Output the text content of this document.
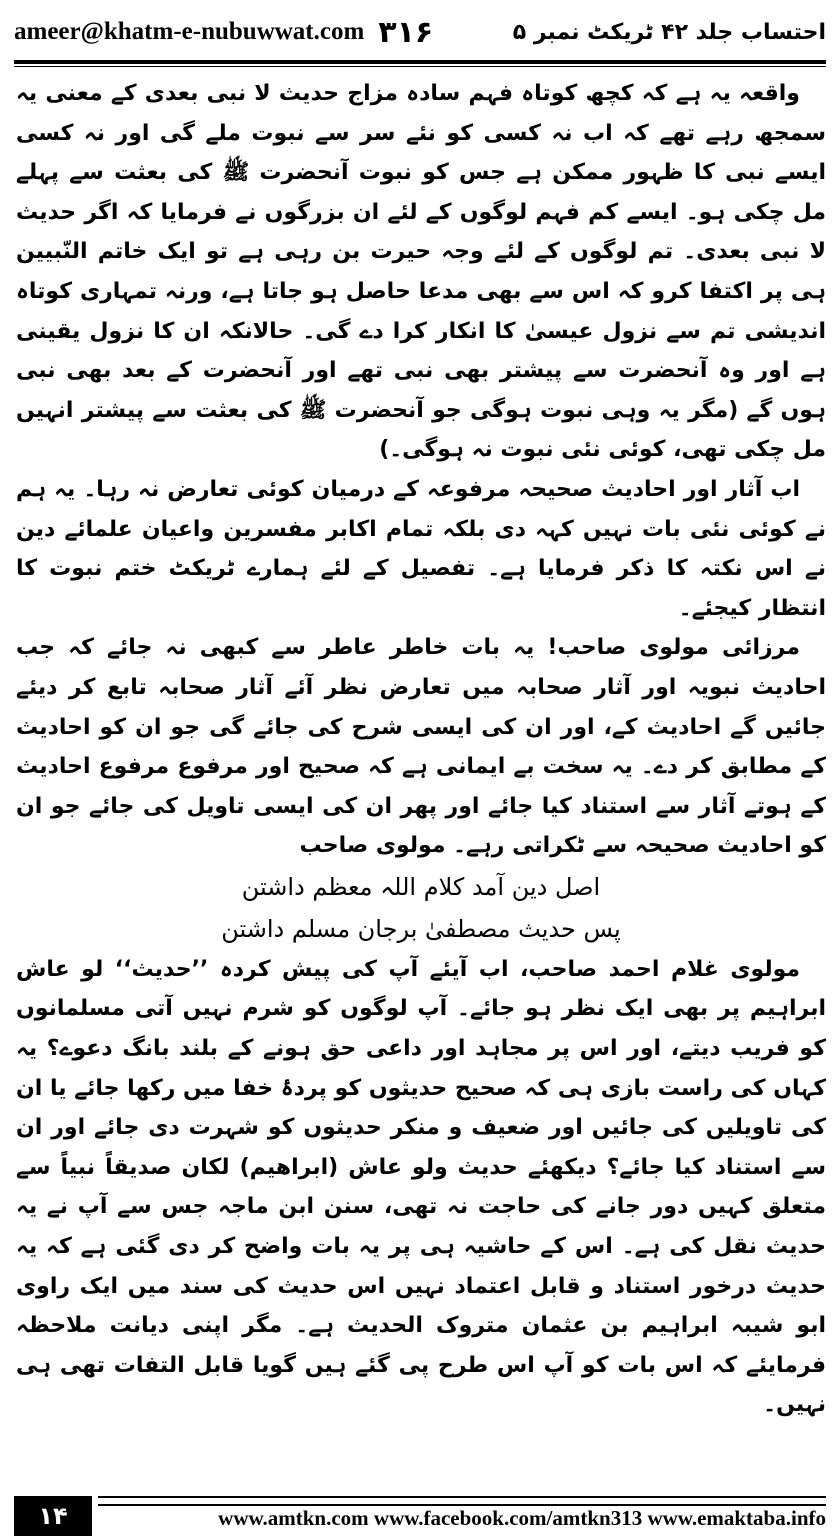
ameer@khatm-e-nubuwwat.com ۳۱۶	احتساب جلد ۴۲ ٹریکٹ نمبر ۵

واقعہ یہ ہے کہ کچھ کوتاہ فہم سادہ مزاج حدیث لا نبی بعدی کے معنی یہ سمجھ رہے تھے کہ اب نہ کسی کو نئے سر سے نبوت ملے گی اور نہ کسی ایسے نبی کا ظہور ممکن ہے جس کو نبوت آنحضرت ﷺ کی بعثت سے پہلے مل چکی ہو۔ ایسے کم فہم لوگوں کے لئے ان بزرگوں نے فرمایا کہ اگر حدیث لا نبی بعدی۔ تم لوگوں کے لئے وجہ حیرت بن رہی ہے تو ایک خاتم النّبیین ہی پر اکتفا کرو کہ اس سے بھی مدعا حاصل ہو جاتا ہے، ورنہ تمہاری کوتاہ اندیشی تم سے نزول عیسیٰ کا انکار کرا دے گی۔ حالانکہ ان کا نزول یقینی ہے اور وہ آنحضرت سے پیشتر بھی نبی تھے اور آنحضرت کے بعد بھی نبی ہوں گے (مگر یہ وہی نبوت ہوگی جو آنحضرت ﷺ کی بعثت سے پیشتر انہیں مل چکی تھی، کوئی نئی نبوت نہ ہوگی۔)

اب آثار اور احادیث صحیحہ مرفوعہ کے درمیان کوئی تعارض نہ رہا۔ یہ ہم نے کوئی نئی بات نہیں کہہ دی بلکہ تمام اکابر مفسرین واعیان علمائے دین نے اس نکتہ کا ذکر فرمایا ہے۔ تفصیل کے لئے ہمارے ٹریکٹ ختم نبوت کا انتظار کیجئے۔

مرزائی مولوی صاحب! یہ بات خاطر عاطر سے کبھی نہ جائے کہ جب احادیث نبویہ اور آثار صحابہ میں تعارض نظر آئے آثار صحابہ تابع کر دیئے جائیں گے احادیث کے، اور ان کی ایسی شرح کی جائے گی جو ان کو احادیث کے مطابق کر دے۔ یہ سخت بے ایمانی ہے کہ صحیح اور مرفوع مرفوع احادیث کے ہوتے آثار سے استناد کیا جائے اور پھر ان کی ایسی تاویل کی جائے جو ان کو احادیث صحیحہ سے ٹکراتی رہے۔ مولوی صاحب

اصل دین آمد کلام اللہ معظم داشتن

پس حدیث مصطفیٰ برجان مسلم داشتن

مولوی غلام احمد صاحب، اب آیئے آپ کی پیش کردہ ’’حدیث‘‘ لو عاش ابراہیم پر بھی ایک نظر ہو جائے۔ آپ لوگوں کو شرم نہیں آتی مسلمانوں کو فریب دیتے، اور اس پر مجاہد اور داعی حق ہونے کے بلند بانگ دعوے؟ یہ کہاں کی راست بازی ہی کہ صحیح حدیثوں کو پردۂ خفا میں رکھا جائے یا ان کی تاویلیں کی جائیں اور ضعیف و منکر حدیثوں کو شہرت دی جائے اور ان سے استناد کیا جائے؟ دیکھئے حدیث ولو عاش (ابراھیم) لکان صدیقاً نبیاً سے متعلق کہیں دور جانے کی حاجت نہ تھی، سنن ابن ماجہ جس سے آپ نے یہ حدیث نقل کی ہے۔ اس کے حاشیہ ہی پر یہ بات واضح کر دی گئی ہے کہ یہ حدیث درخور استناد و قابل اعتماد نہیں اس حدیث کی سند میں ایک راوی ابو شیبہ ابراہیم بن عثمان متروک الحدیث ہے۔ مگر اپنی دیانت ملاحظہ فرمایئے کہ اس بات کو آپ اس طرح پی گئے ہیں گویا قابل التفات تھی ہی نہیں۔

۱۴	www.amtkn.com www.facebook.com/amtkn313 www.emaktaba.info
